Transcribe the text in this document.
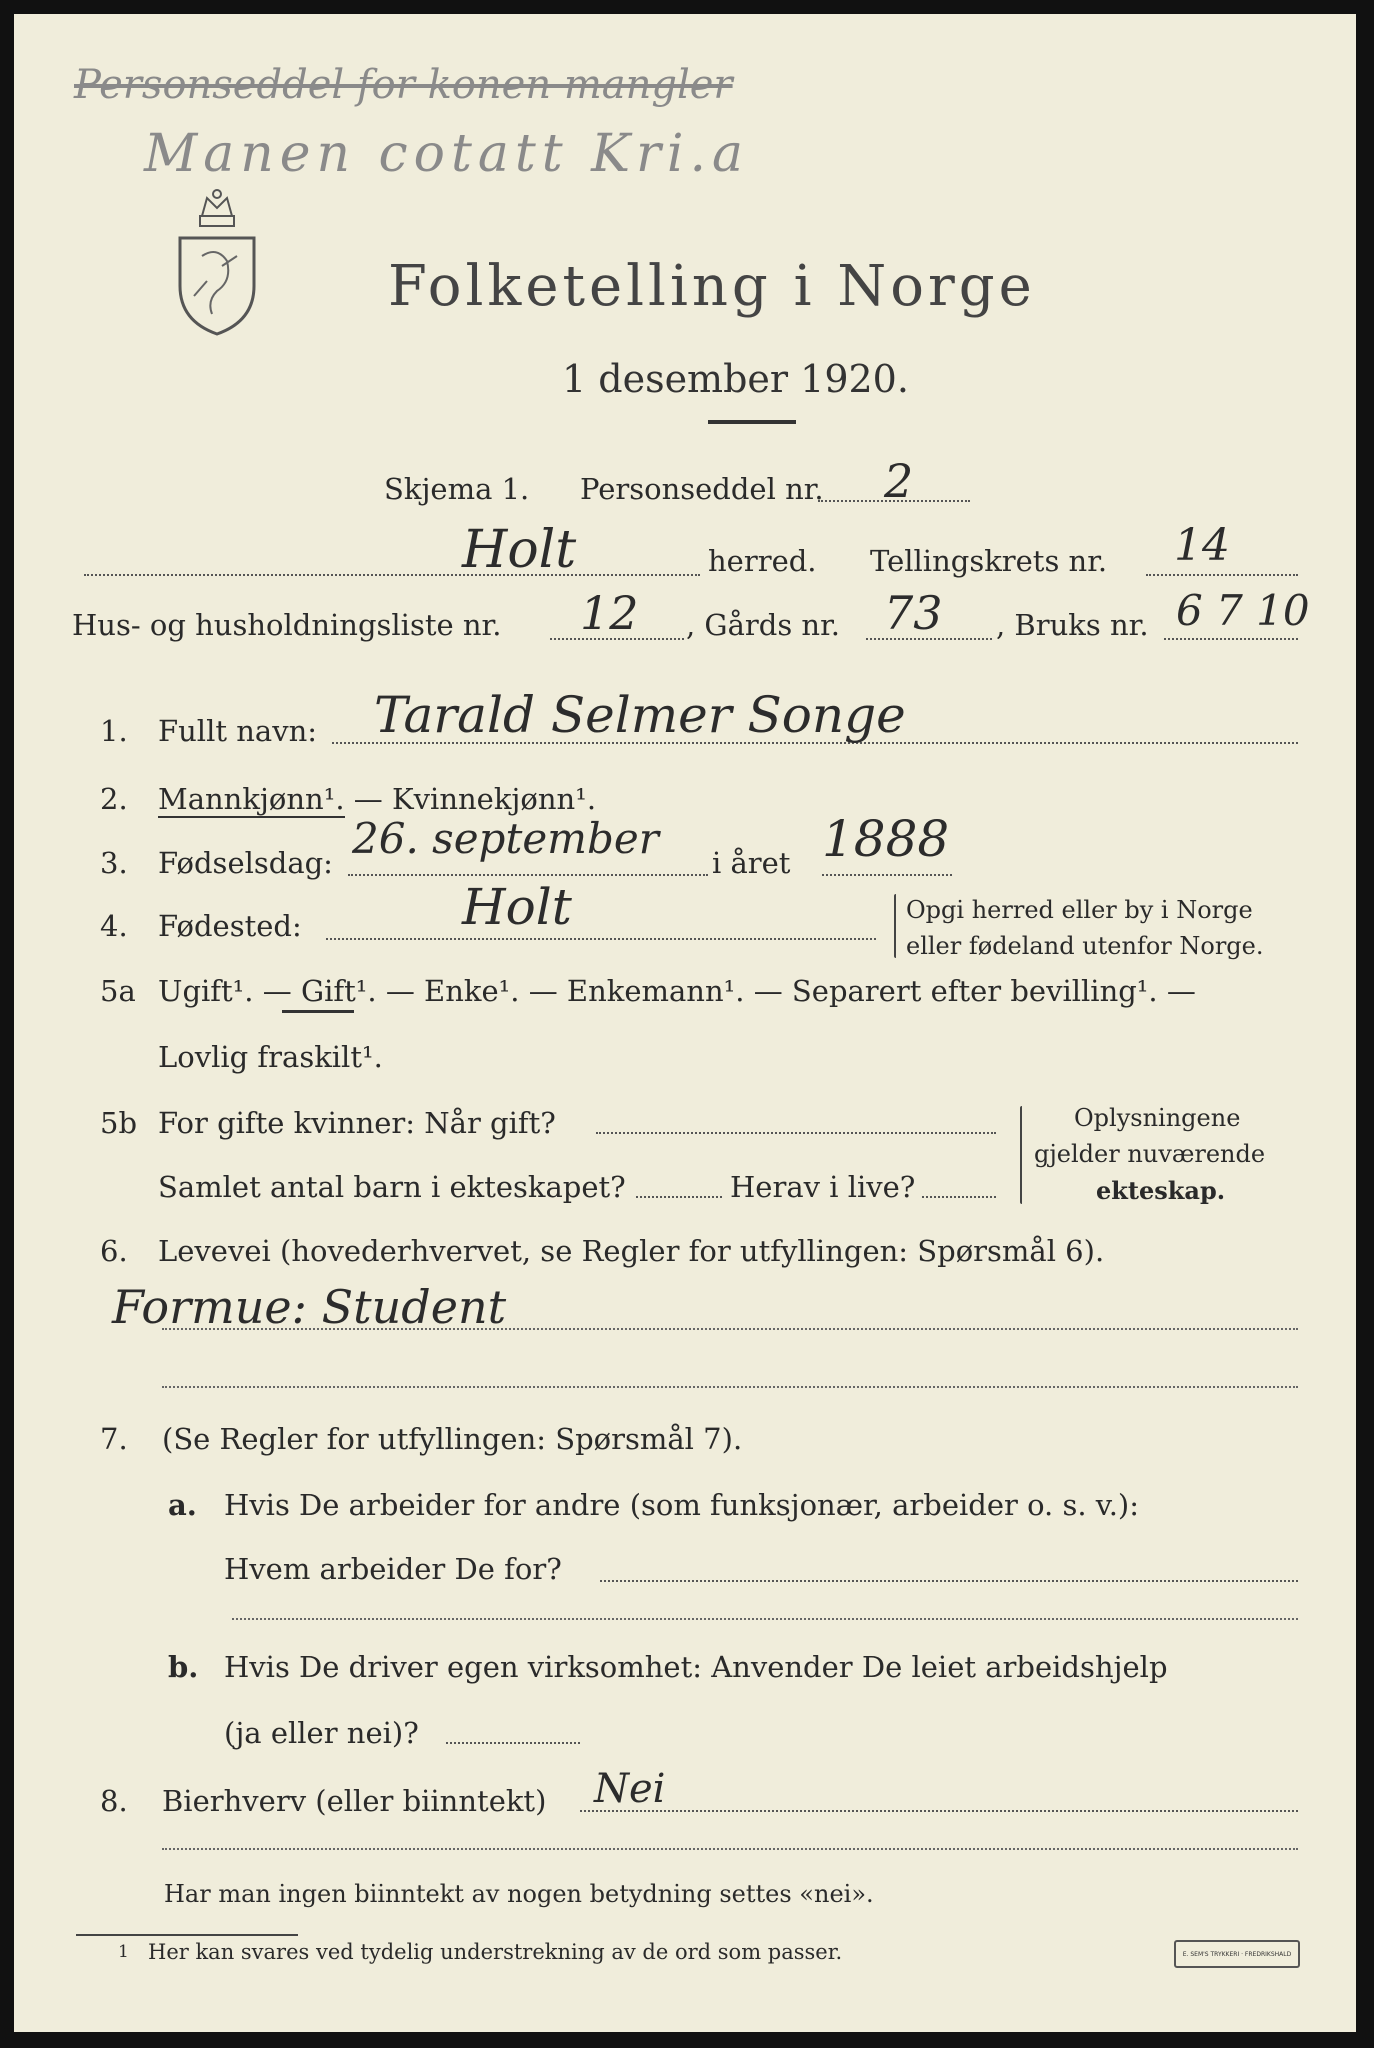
Personseddel for konen mangler
Manen cotatt Kri.a
Folketelling i Norge
1 desember 1920.
Skjema 1. Personseddel nr. 2
Holt	herred. Tellingskrets nr. 14
Hus- og husholdningsliste nr. 12 , Gårds nr. 73 , Bruks nr. 6 7 10
1. Fullt navn: Tarald Selmer Songe
2. Mannkjønn¹. — Kvinnekjønn¹.
3. Fødselsdag: 26. september i året 1888
4. Fødested:	Holt	Opgi herred eller by i Norge
eller fødeland utenfor Norge.
5a Ugift¹. — Gift¹. — Enke¹. — Enkemann¹. — Separert efter bevilling¹. —
Lovlig fraskilt¹.
5b For gifte kvinner: Når gift?
Samlet antal barn i ekteskapet?	Herav i live?
Oplysningene
gjelder nuværende
ekteskap.
6. Levevei (hovederhvervet, se Regler for utfyllingen: Spørsmål 6).
Formue: Student
7. (Se Regler for utfyllingen: Spørsmål 7).
a. Hvis De arbeider for andre (som funksjonær, arbeider o. s. v.):
Hvem arbeider De for?
b. Hvis De driver egen virksomhet: Anvender De leiet arbeidshjelp
(ja eller nei)?
8. Bierhverv (eller biinntekt) Nei
Har man ingen biinntekt av nogen betydning settes «nei».
1 Her kan svares ved tydelig understrekning av de ord som passer.	E. SEM'S TRYKKERI · FREDRIKSHALD
